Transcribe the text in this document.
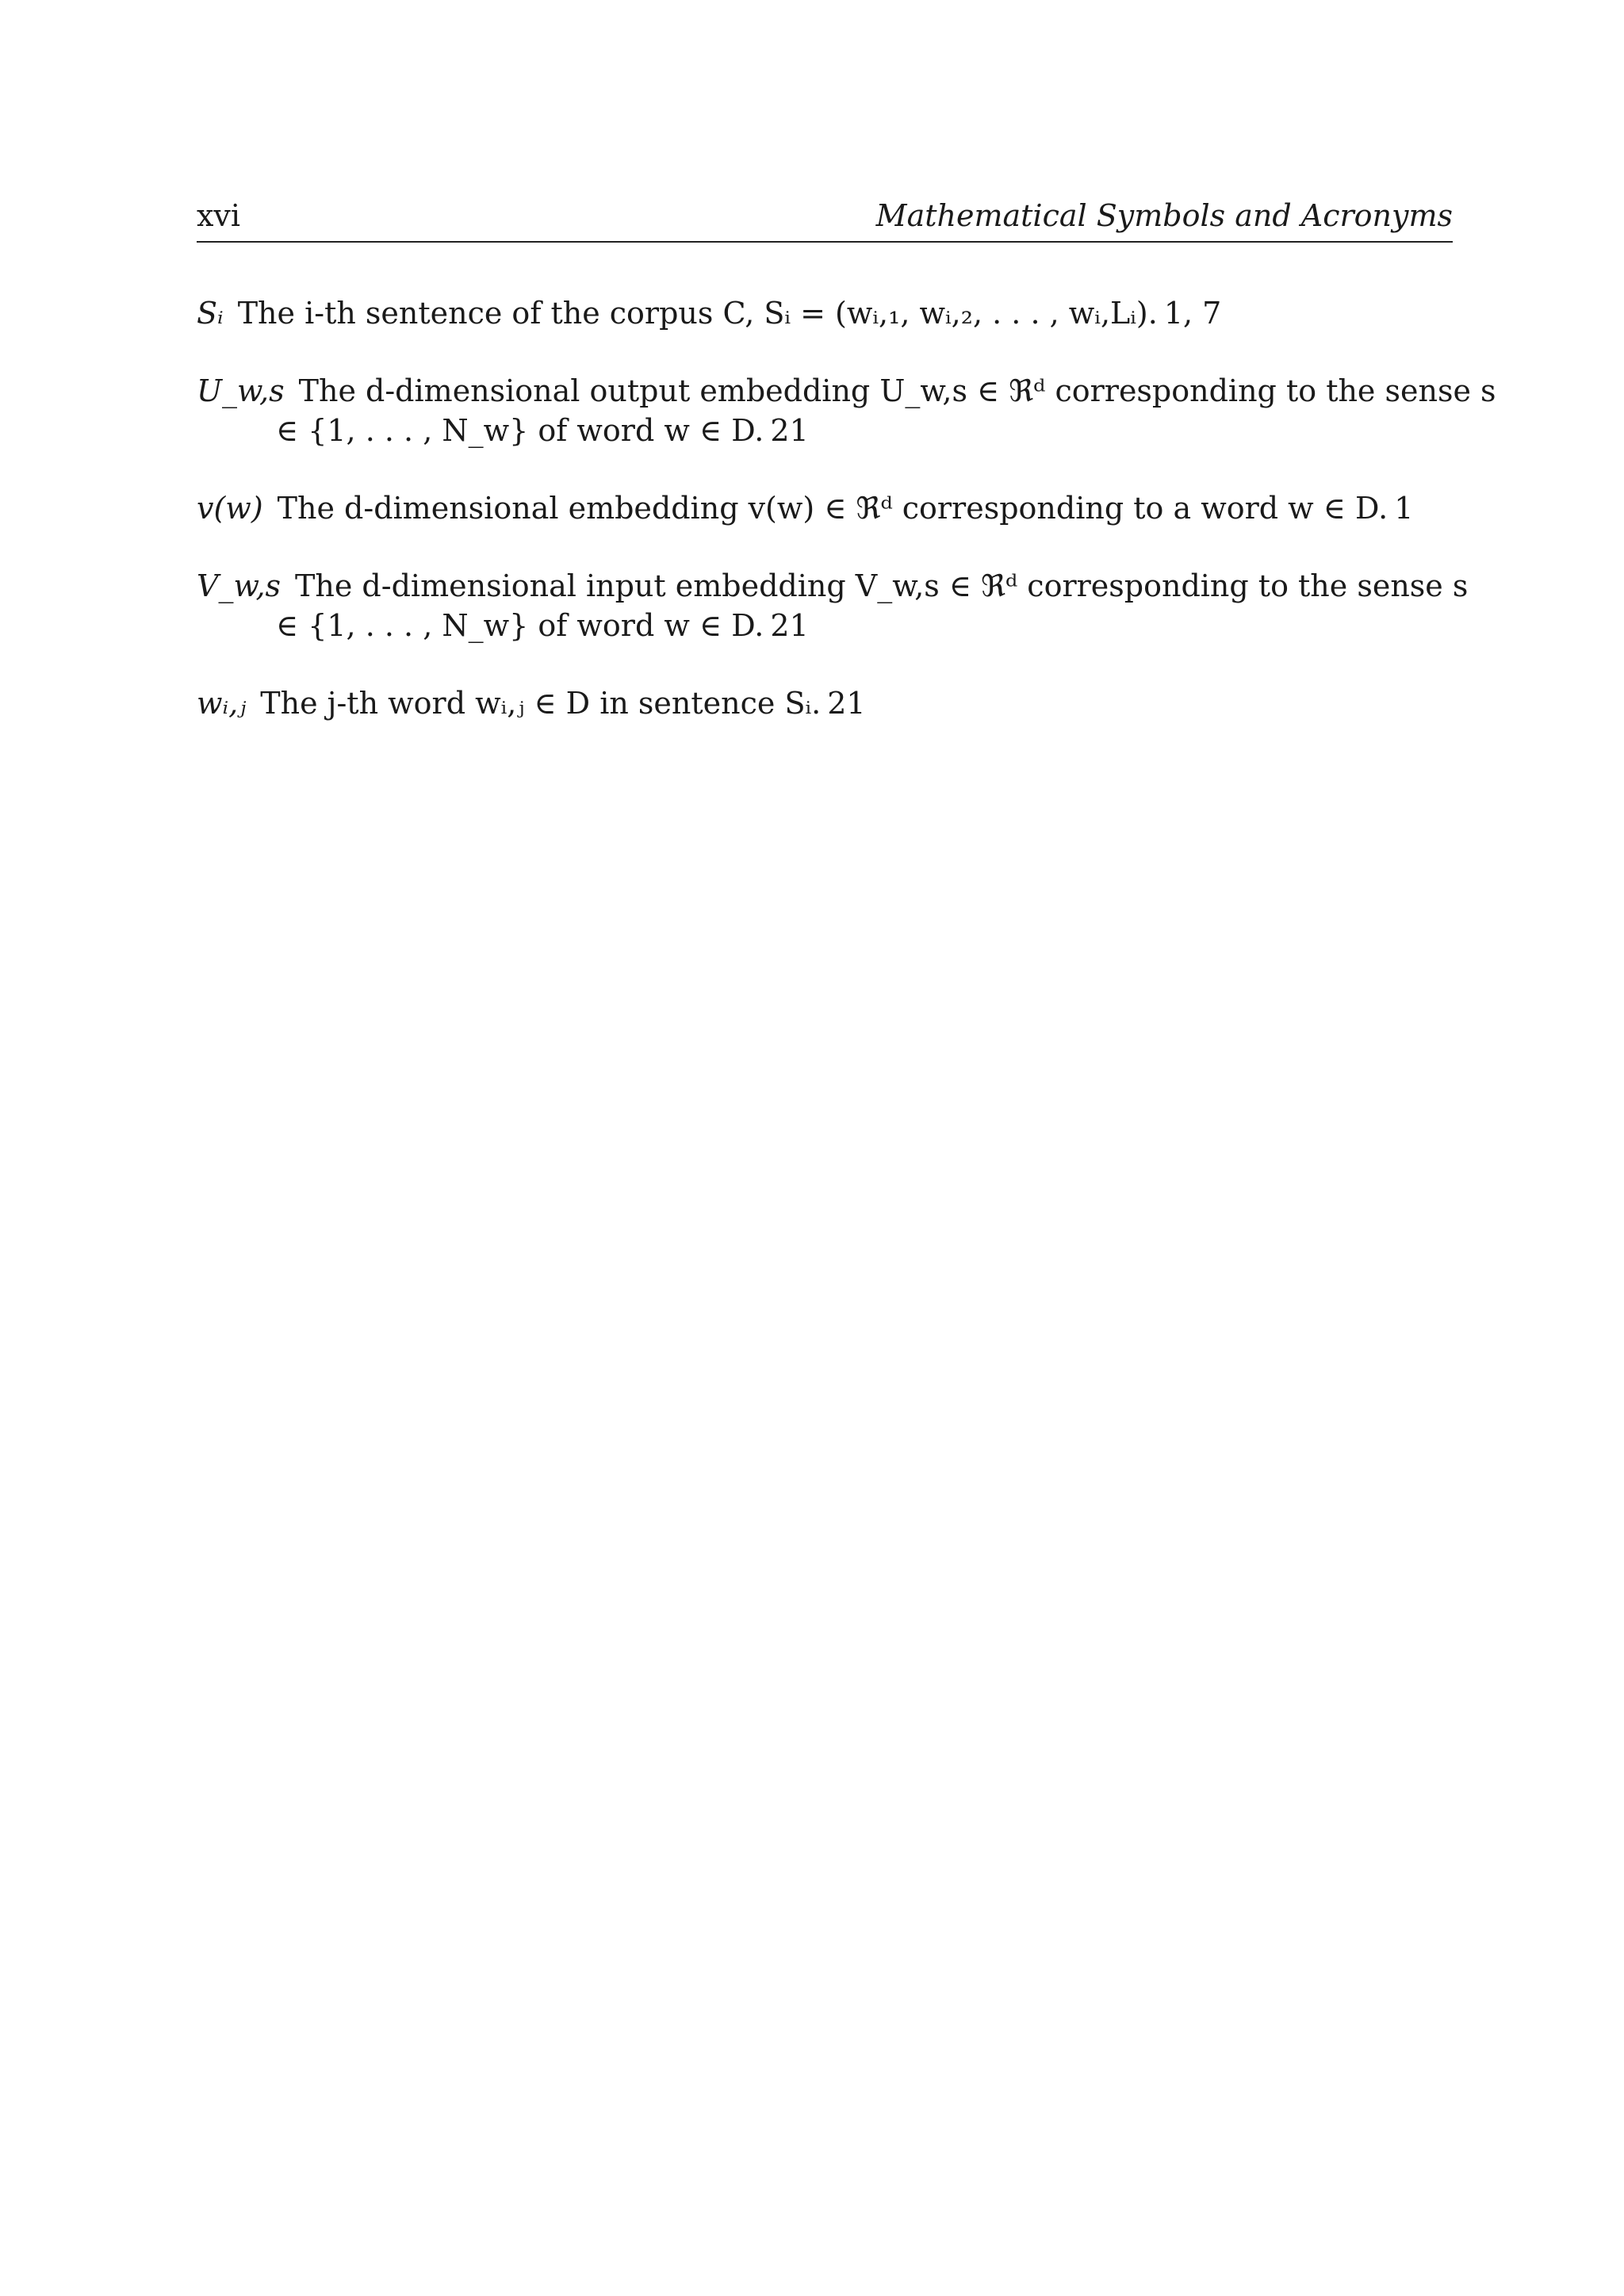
xvi	Mathematical Symbols and Acronyms
Sᵢ The i-th sentence of the corpus C, Sᵢ = (wᵢ,₁, wᵢ,₂, . . . , wᵢ,Lᵢ). 1, 7
U_w,s The d-dimensional output embedding U_w,s ∈ ℜᵈ corresponding to the sense s ∈ {1, . . . , N_w} of word w ∈ D. 21
v(w) The d-dimensional embedding v(w) ∈ ℜᵈ corresponding to a word w ∈ D. 1
V_w,s The d-dimensional input embedding V_w,s ∈ ℜᵈ corresponding to the sense s ∈ {1, . . . , N_w} of word w ∈ D. 21
wᵢ,ⱼ The j-th word wᵢ,ⱼ ∈ D in sentence Sᵢ. 21
